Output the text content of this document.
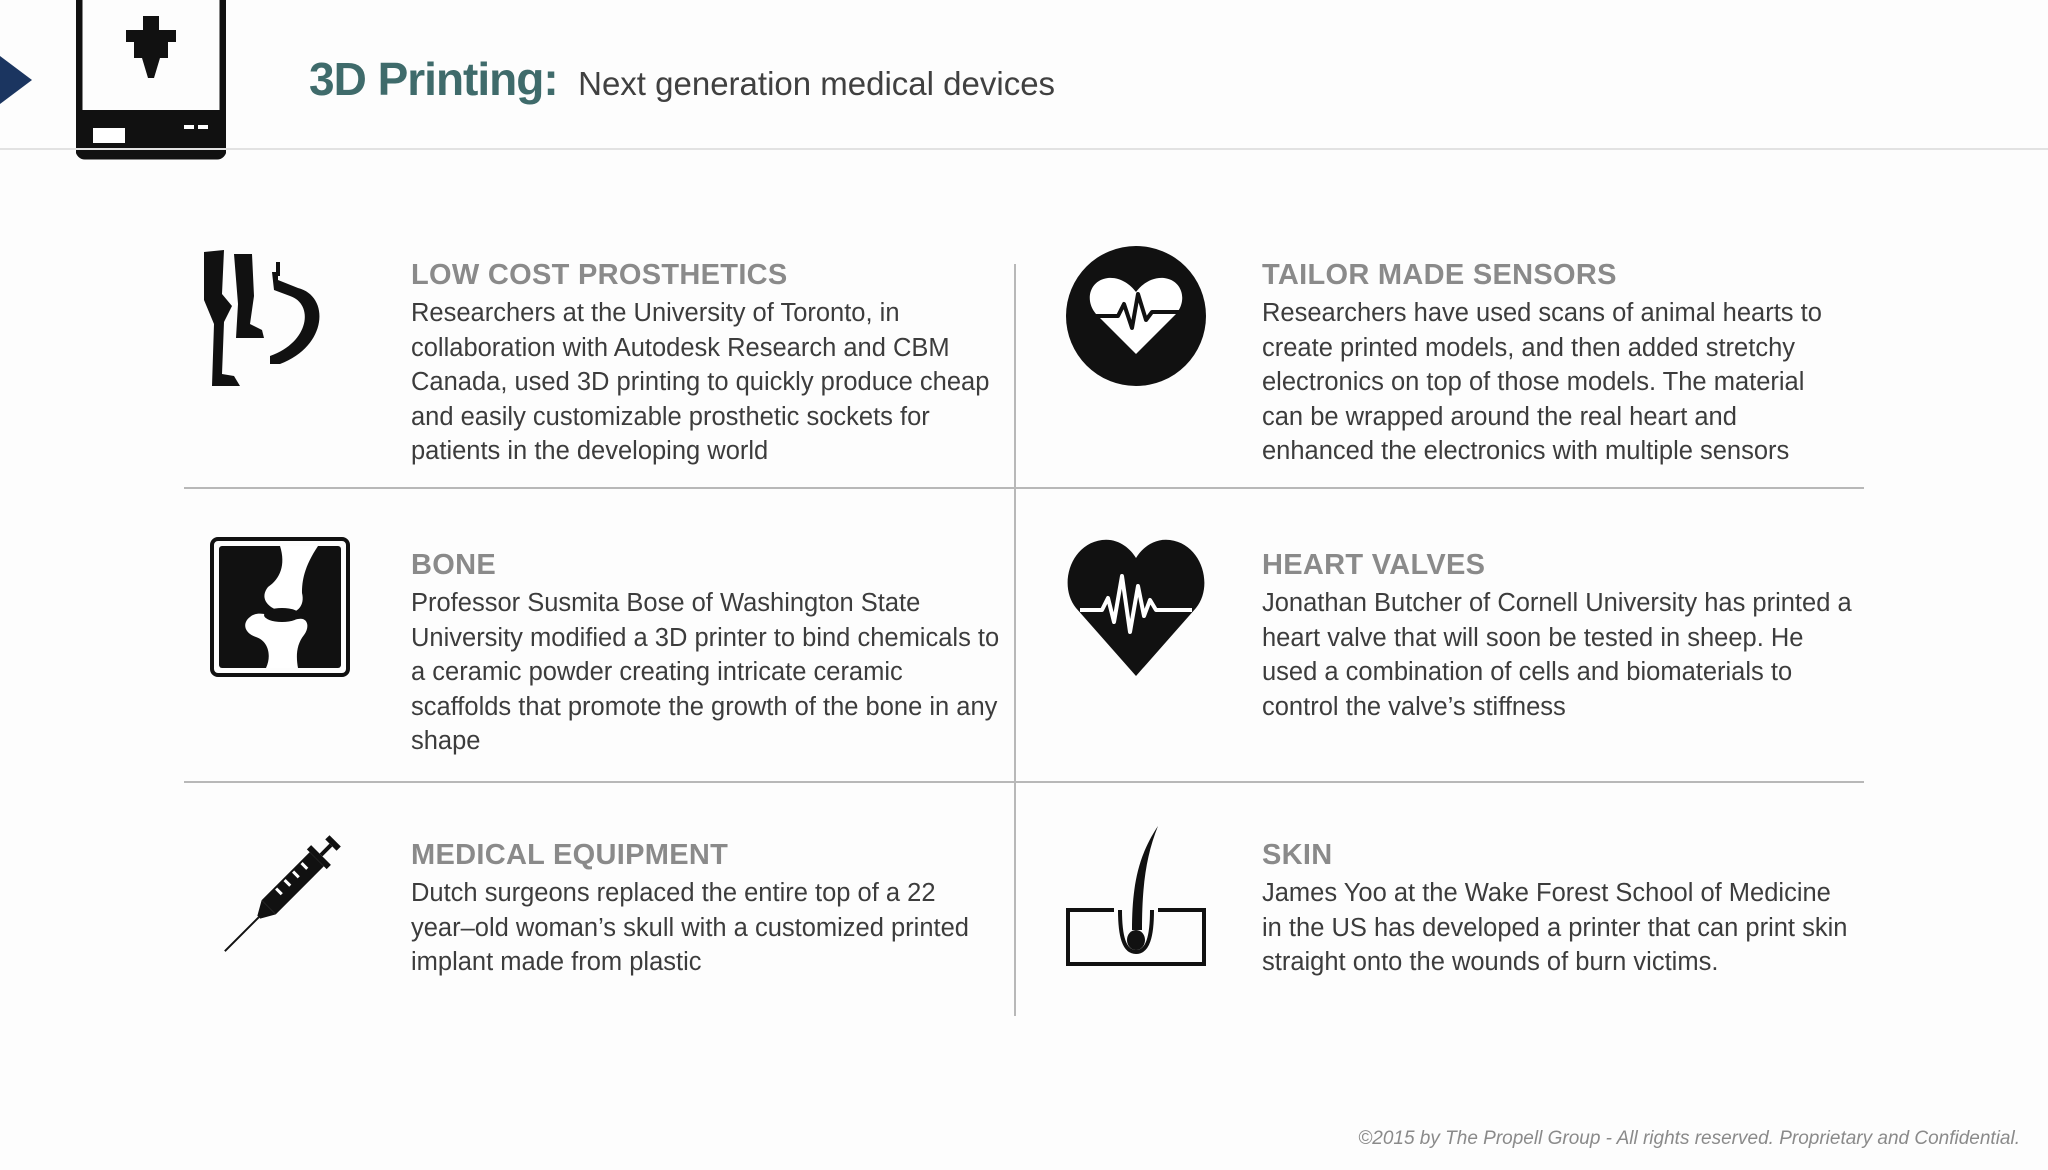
3D Printing: Next generation medical devices
LOW COST PROSTHETICS

Researchers at the University of Toronto, in collaboration with Autodesk Research and CBM Canada, used 3D printing to quickly produce cheap and easily customizable prosthetic sockets for patients in the developing world

TAILOR MADE SENSORS

Researchers have used scans of animal hearts to create printed models, and then added stretchy electronics on top of those models. The material can be wrapped around the real heart and enhanced the electronics with multiple sensors

BONE

Professor Susmita Bose of Washington State University modified a 3D printer to bind chemicals to a ceramic powder creating intricate ceramic scaffolds that promote the growth of the bone in any shape

HEART VALVES

Jonathan Butcher of Cornell University has printed a heart valve that will soon be tested in sheep. He used a combination of cells and biomaterials to control the valve’s stiffness

MEDICAL EQUIPMENT

Dutch surgeons replaced the entire top of a 22 year–old woman’s skull with a customized printed implant made from plastic

SKIN

James Yoo at the Wake Forest School of Medicine in the US has developed a printer that can print skin straight onto the wounds of burn victims.

©2015 by The Propell Group - All rights reserved. Proprietary and Confidential.
